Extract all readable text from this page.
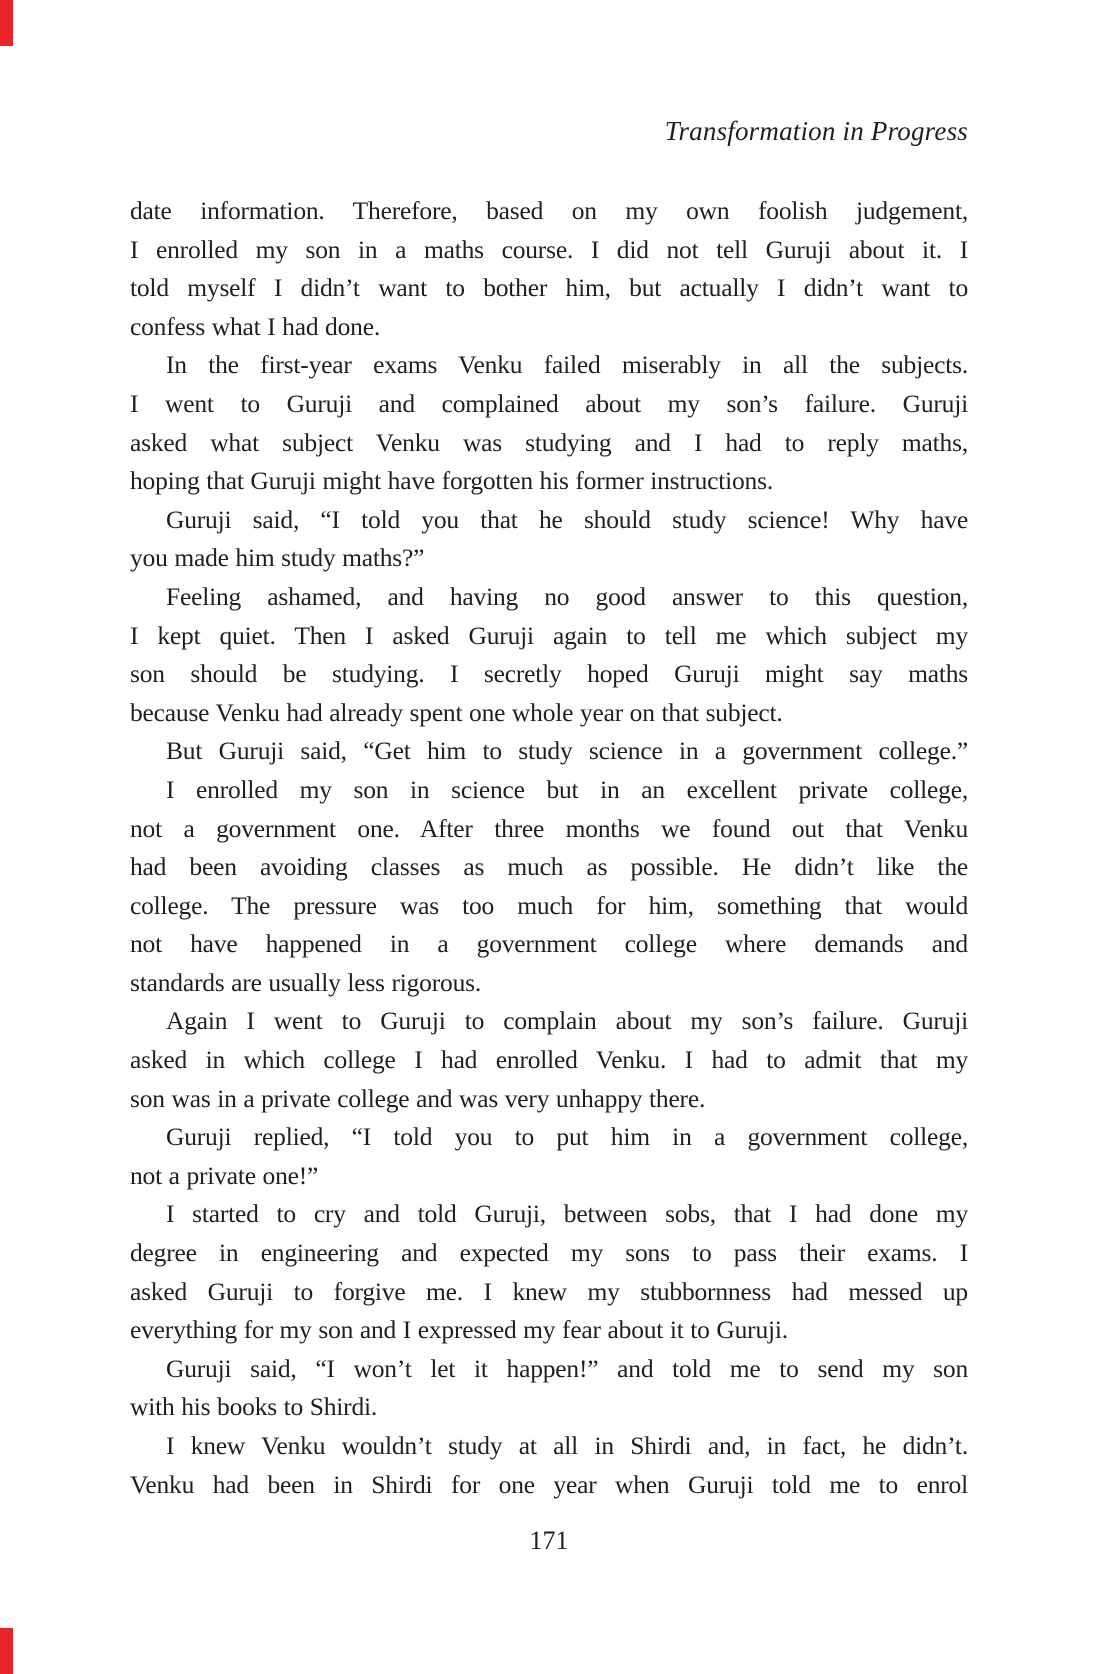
Transformation in Progress
date information. Therefore, based on my own foolish judgement,
I enrolled my son in a maths course. I did not tell Guruji about it. I
told myself I didn’t want to bother him, but actually I didn’t want to
confess what I had done.
In the first-year exams Venku failed miserably in all the subjects.
I went to Guruji and complained about my son’s failure. Guruji
asked what subject Venku was studying and I had to reply maths,
hoping that Guruji might have forgotten his former instructions.
Guruji said, “I told you that he should study science! Why have
you made him study maths?”
Feeling ashamed, and having no good answer to this question,
I kept quiet. Then I asked Guruji again to tell me which subject my
son should be studying. I secretly hoped Guruji might say maths
because Venku had already spent one whole year on that subject.
But Guruji said, “Get him to study science in a government college.”
I enrolled my son in science but in an excellent private college,
not a government one. After three months we found out that Venku
had been avoiding classes as much as possible. He didn’t like the
college. The pressure was too much for him, something that would
not have happened in a government college where demands and
standards are usually less rigorous.
Again I went to Guruji to complain about my son’s failure. Guruji
asked in which college I had enrolled Venku. I had to admit that my
son was in a private college and was very unhappy there.
Guruji replied, “I told you to put him in a government college,
not a private one!”
I started to cry and told Guruji, between sobs, that I had done my
degree in engineering and expected my sons to pass their exams. I
asked Guruji to forgive me. I knew my stubbornness had messed up
everything for my son and I expressed my fear about it to Guruji.
Guruji said, “I won’t let it happen!” and told me to send my son
with his books to Shirdi.
I knew Venku wouldn’t study at all in Shirdi and, in fact, he didn’t.
Venku had been in Shirdi for one year when Guruji told me to enrol
171
